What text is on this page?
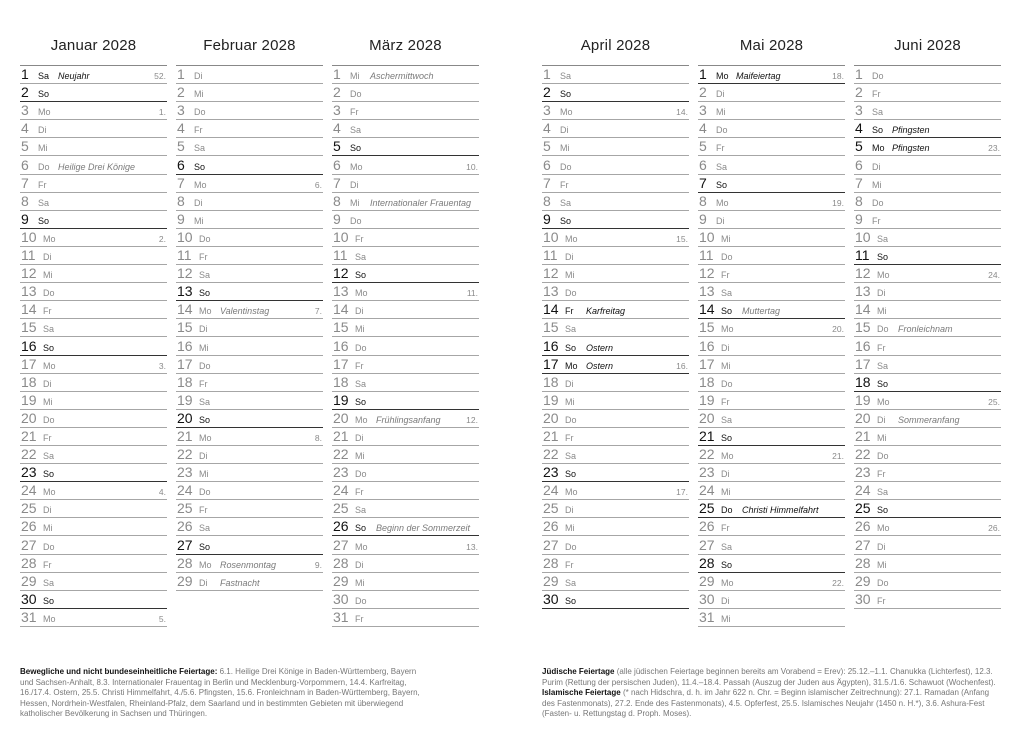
Januar 2028
1 Sa Neujahr	52.
2 So
3 Mo	1.
4 Di
5 Mi
6 Do Heilige Drei Könige
7 Fr
8 Sa
9 So
10 Mo	2.
11 Di
12 Mi
13 Do
14 Fr
15 Sa
16 So
17 Mo	3.
18 Di
19 Mi
20 Do
21 Fr
22 Sa
23 So
24 Mo	4.
25 Di
26 Mi
27 Do
28 Fr
29 Sa
30 So
31 Mo	5.
Februar 2028
1 Di
2 Mi
3 Do
4 Fr
5 Sa
6 So
7 Mo	6.
8 Di
9 Mi
10 Do
11 Fr
12 Sa
13 So
14 Mo Valentinstag	7.
15 Di
16 Mi
17 Do
18 Fr
19 Sa
20 So
21 Mo	8.
22 Di
23 Mi
24 Do
25 Fr
26 Sa
27 So
28 Mo Rosenmontag	9.
29 Di Fastnacht
März 2028
1 Mi Aschermittwoch
2 Do
3 Fr
4 Sa
5 So
6 Mo	10.
7 Di
8 Mi Internationaler Frauentag
9 Do
10 Fr
11 Sa
12 So
13 Mo	11.
14 Di
15 Mi
16 Do
17 Fr
18 Sa
19 So
20 Mo Frühlingsanfang	12.
21 Di
22 Mi
23 Do
24 Fr
25 Sa
26 So Beginn der Sommerzeit
27 Mo	13.
28 Di
29 Mi
30 Do
31 Fr
April 2028
1 Sa
2 So
3 Mo	14.
4 Di
5 Mi
6 Do
7 Fr
8 Sa
9 So
10 Mo	15.
11 Di
12 Mi
13 Do
14 Fr Karfreitag
15 Sa
16 So Ostern
17 Mo Ostern	16.
18 Di
19 Mi
20 Do
21 Fr
22 Sa
23 So
24 Mo	17.
25 Di
26 Mi
27 Do
28 Fr
29 Sa
30 So
Mai 2028
1 Mo Maifeiertag	18.
2 Di
3 Mi
4 Do
5 Fr
6 Sa
7 So
8 Mo	19.
9 Di
10 Mi
11 Do
12 Fr
13 Sa
14 So Muttertag
15 Mo	20.
16 Di
17 Mi
18 Do
19 Fr
20 Sa
21 So
22 Mo	21.
23 Di
24 Mi
25 Do Christi Himmelfahrt
26 Fr
27 Sa
28 So
29 Mo	22.
30 Di
31 Mi
Juni 2028
1 Do
2 Fr
3 Sa
4 So Pfingsten
5 Mo Pfingsten	23.
6 Di
7 Mi
8 Do
9 Fr
10 Sa
11 So
12 Mo	24.
13 Di
14 Mi
15 Do Fronleichnam
16 Fr
17 Sa
18 So
19 Mo	25.
20 Di Sommeranfang
21 Mi
22 Do
23 Fr
24 Sa
25 So
26 Mo	26.
27 Di
28 Mi
29 Do
30 Fr
Bewegliche und nicht bundeseinheitliche Feiertage: 6.1. Heilige Drei Könige in Baden-Württemberg, Bayern und Sachsen-Anhalt, 8.3. Internationaler Frauentag in Berlin und Mecklenburg-Vorpommern, 14.4. Karfreitag, 16./17.4. Ostern, 25.5. Christi Himmelfahrt, 4./5.6. Pfingsten, 15.6. Fronleichnam in Baden-Württemberg, Bayern, Hessen, Nordrhein-Westfalen, Rheinland-Pfalz, dem Saarland und in bestimmten Gebieten mit überwiegend katholischer Bevölkerung in Sachsen und Thüringen.
Jüdische Feiertage (alle jüdischen Feiertage beginnen bereits am Vorabend = Erev): 25.12.–1.1. Chanukka (Lichterfest), 12.3. Purim (Rettung der persischen Juden), 11.4.–18.4. Passah (Auszug der Juden aus Ägypten), 31.5./1.6. Schawuot (Wochenfest). Islamische Feiertage (* nach Hidschra, d. h. im Jahr 622 n. Chr. = Beginn islamischer Zeitrechnung): 27.1. Ramadan (Anfang des Fastenmonats), 27.2. Ende des Fastenmonats), 4.5. Opferfest, 25.5. Islamisches Neujahr (1450 n. H.*), 3.6. Ashura-Fest (Fasten- u. Rettungstag d. Proph. Moses).
